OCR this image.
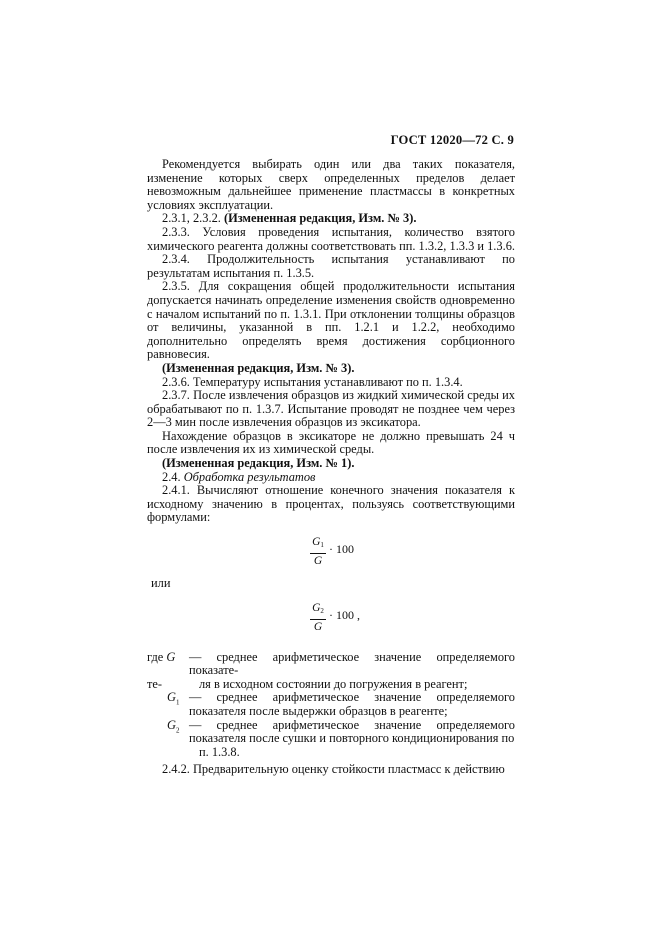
ГОСТ 12020—72 С. 9

Рекомендуется выбирать один или два таких показателя, изменение которых сверх определенных пределов делает невозможным дальнейшее применение пластмассы в конкретных условиях эксплуатации.

2.3.1, 2.3.2. (Измененная редакция, Изм. № 3).

2.3.3. Условия проведения испытания, количество взятого химического реагента должны соответствовать пп. 1.3.2, 1.3.3 и 1.3.6.

2.3.4. Продолжительность испытания устанавливают по результатам испытания п. 1.3.5.

2.3.5. Для сокращения общей продолжительности испытания допускается начинать определение изменения свойств одновременно с началом испытаний по п. 1.3.1. При отклонении толщины образцов от величины, указанной в пп. 1.2.1 и 1.2.2, необходимо дополнительно определять время достижения сорбционного равновесия.

(Измененная редакция, Изм. № 3).

2.3.6. Температуру испытания устанавливают по п. 1.3.4.

2.3.7. После извлечения образцов из жидкий химической среды их обрабатывают по п. 1.3.7. Испытание проводят не позднее чем через 2—3 мин после извлечения образцов из эксикатора.

Нахождение образцов в эксикаторе не должно превышать 24 ч после извлечения их из химической среды.

(Измененная редакция, Изм. № 1).

2.4. Обработка результатов

2.4.1. Вычисляют отношение конечного значения показателя к исходному значению в процентах, пользуясь соответствующими формулами:

$\frac{G_1}{G} \cdot 100$

или

$\frac{G_2}{G} \cdot 100$ ,
где G	— среднее арифметическое значение определяемого показате-
те-	ля в исходном состоянии до погружения в реагент;
$G_1$ — среднее арифметическое значение определяемого показателя после выдержки образцов в реагенте;
$G_2$ — среднее арифметическое значение определяемого показателя после сушки и повторного кондиционирования по
п. 1.3.8.

2.4.2. Предварительную оценку стойкости пластмасс к действию
